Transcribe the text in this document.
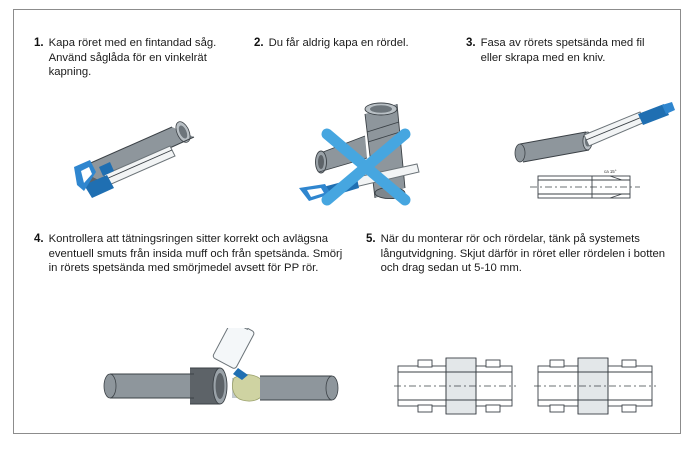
1. Kapa röret med en fintandad såg. Använd såglåda för en vinkelrät kapning.
2. Du får aldrig kapa en rördel.	3. Fasa av rörets spetsända med fil eller skrapa med en kniv.
ca 15°
4. Kontrollera att tätningsringen sitter korrekt och avlägsna eventuell smuts från insida muff och från spetsända. Smörj in rörets spetsända med smörjmedel avsett för PP rör.
5. När du monterar rör och rördelar, tänk på systemets långutvidgning. Skjut därför in röret eller rördelen i botten och drag sedan ut 5-10 mm.
